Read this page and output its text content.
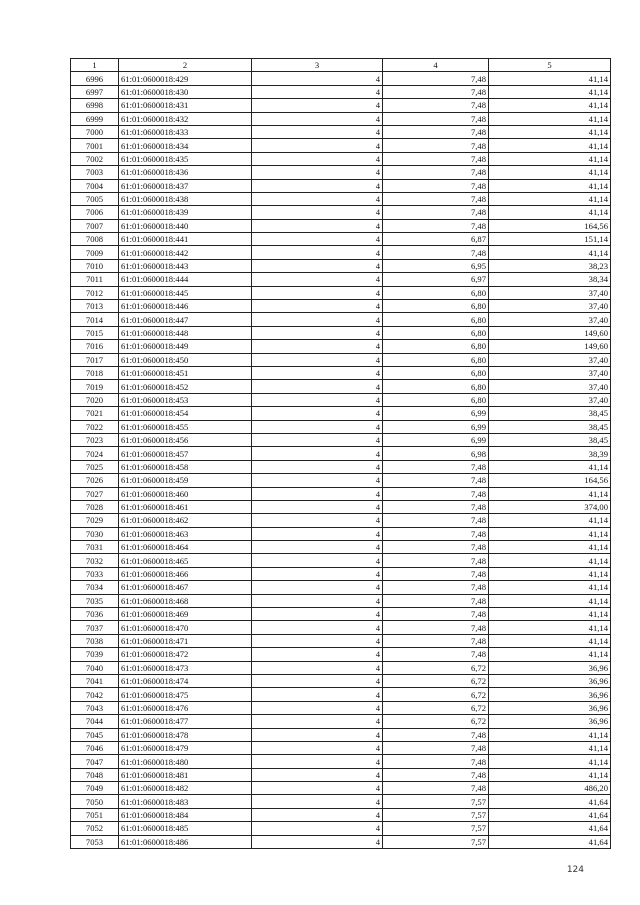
1	2	3	4	5
6996	61:01:0600018:429	4	7,48	41,14
6997	61:01:0600018:430	4	7,48	41,14
6998	61:01:0600018:431	4	7,48	41,14
6999	61:01:0600018:432	4	7,48	41,14
7000	61:01:0600018:433	4	7,48	41,14
7001	61:01:0600018:434	4	7,48	41,14
7002	61:01:0600018:435	4	7,48	41,14
7003	61:01:0600018:436	4	7,48	41,14
7004	61:01:0600018:437	4	7,48	41,14
7005	61:01:0600018:438	4	7,48	41,14
7006	61:01:0600018:439	4	7,48	41,14
7007	61:01:0600018:440	4	7,48	164,56
7008	61:01:0600018:441	4	6,87	151,14
7009	61:01:0600018:442	4	7,48	41,14
7010	61:01:0600018:443	4	6,95	38,23
7011	61:01:0600018:444	4	6,97	38,34
7012	61:01:0600018:445	4	6,80	37,40
7013	61:01:0600018:446	4	6,80	37,40
7014	61:01:0600018:447	4	6,80	37,40
7015	61:01:0600018:448	4	6,80	149,60
7016	61:01:0600018:449	4	6,80	149,60
7017	61:01:0600018:450	4	6,80	37,40
7018	61:01:0600018:451	4	6,80	37,40
7019	61:01:0600018:452	4	6,80	37,40
7020	61:01:0600018:453	4	6,80	37,40
7021	61:01:0600018:454	4	6,99	38,45
7022	61:01:0600018:455	4	6,99	38,45
7023	61:01:0600018:456	4	6,99	38,45
7024	61:01:0600018:457	4	6,98	38,39
7025	61:01:0600018:458	4	7,48	41,14
7026	61:01:0600018:459	4	7,48	164,56
7027	61:01:0600018:460	4	7,48	41,14
7028	61:01:0600018:461	4	7,48	374,00
7029	61:01:0600018:462	4	7,48	41,14
7030	61:01:0600018:463	4	7,48	41,14
7031	61:01:0600018:464	4	7,48	41,14
7032	61:01:0600018:465	4	7,48	41,14
7033	61:01:0600018:466	4	7,48	41,14
7034	61:01:0600018:467	4	7,48	41,14
7035	61:01:0600018:468	4	7,48	41,14
7036	61:01:0600018:469	4	7,48	41,14
7037	61:01:0600018:470	4	7,48	41,14
7038	61:01:0600018:471	4	7,48	41,14
7039	61:01:0600018:472	4	7,48	41,14
7040	61:01:0600018:473	4	6,72	36,96
7041	61:01:0600018:474	4	6,72	36,96
7042	61:01:0600018:475	4	6,72	36,96
7043	61:01:0600018:476	4	6,72	36,96
7044	61:01:0600018:477	4	6,72	36,96
7045	61:01:0600018:478	4	7,48	41,14
7046	61:01:0600018:479	4	7,48	41,14
7047	61:01:0600018:480	4	7,48	41,14
7048	61:01:0600018:481	4	7,48	41,14
7049	61:01:0600018:482	4	7,48	486,20
7050	61:01:0600018:483	4	7,57	41,64
7051	61:01:0600018:484	4	7,57	41,64
7052	61:01:0600018:485	4	7,57	41,64
7053	61:01:0600018:486	4	7,57	41,64
124
